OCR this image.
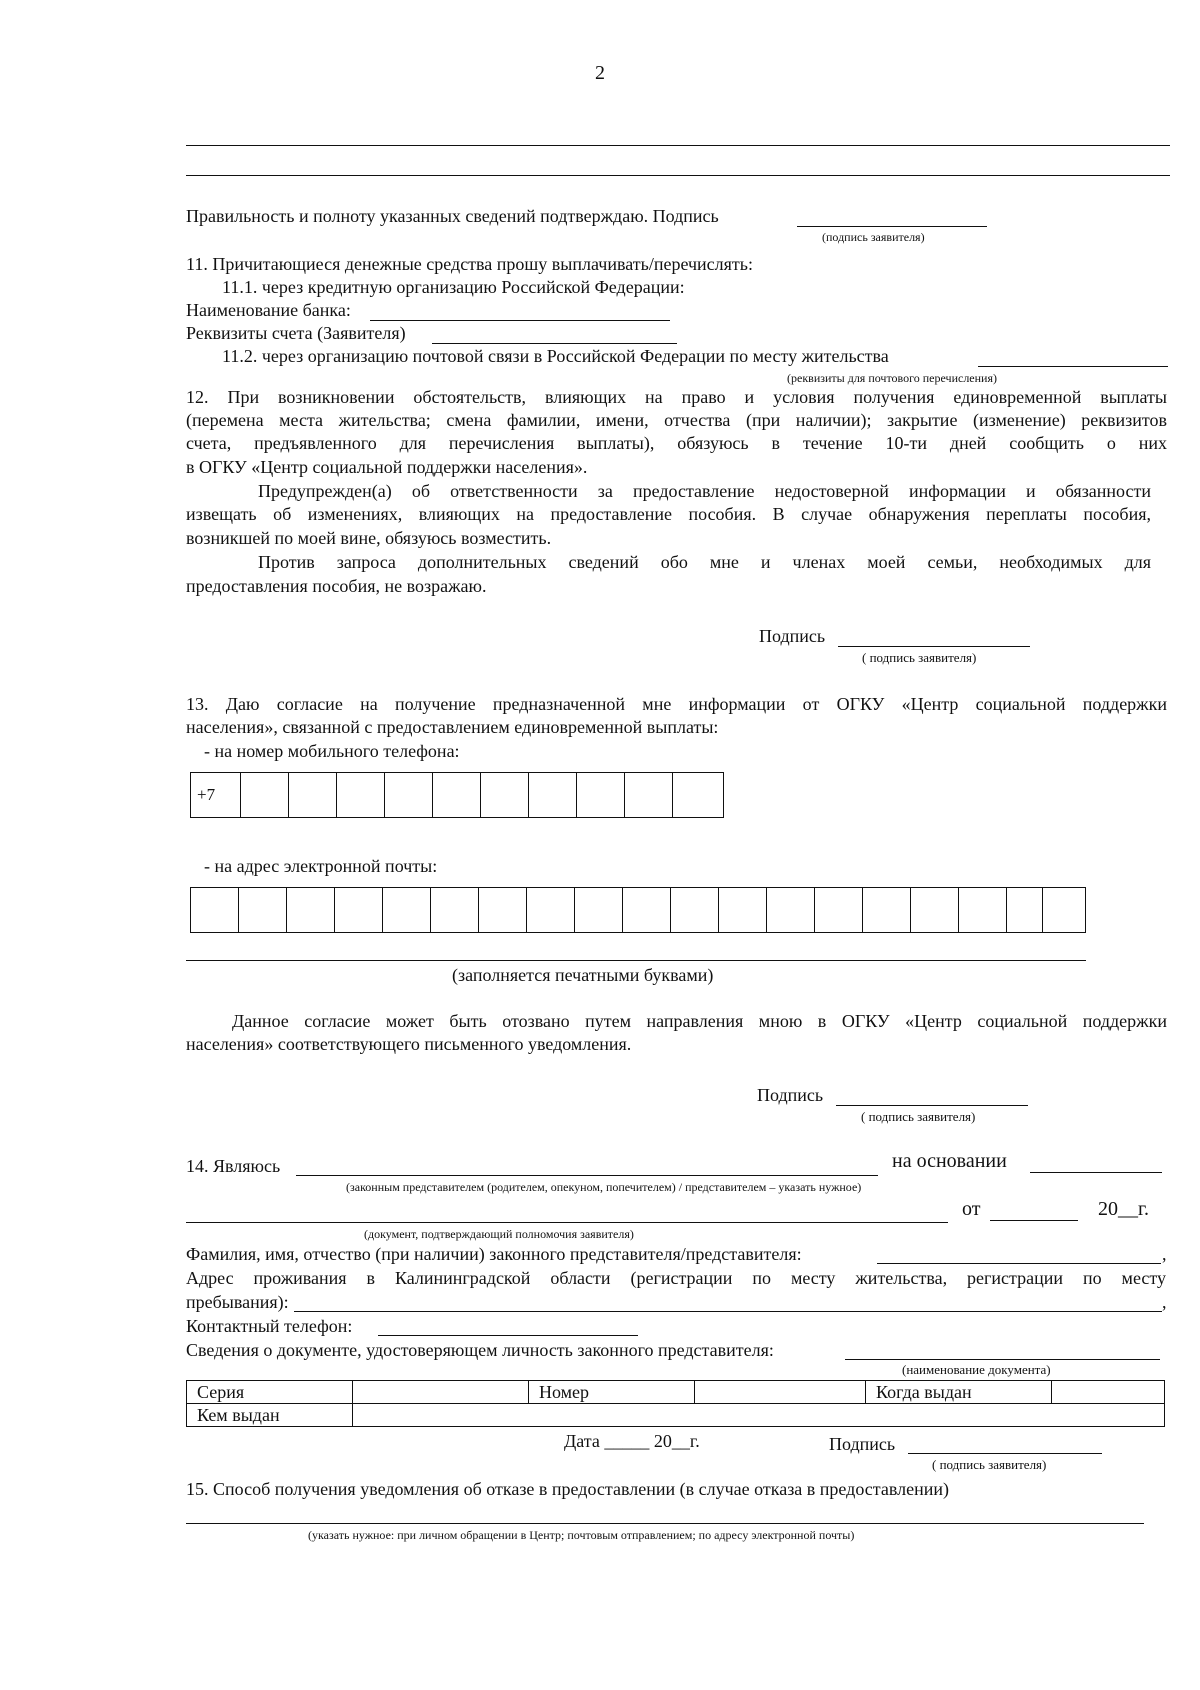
2
Правильность и полноту указанных сведений подтверждаю. Подпись
(подпись заявителя)
11. Причитающиеся денежные средства прошу выплачивать/перечислять:
11.1. через кредитную организацию Российской Федерации:
Наименование банка:
Реквизиты счета (Заявителя)
11.2. через организацию почтовой связи в Российской Федерации по месту жительства
(реквизиты для почтового перечисления)
12. При возникновении обстоятельств, влияющих на право и условия получения единовременной выплаты
(перемена места жительства; смена фамилии, имени, отчества (при наличии); закрытие (изменение) реквизитов
счета, предъявленного для перечисления выплаты), обязуюсь в течение 10-ти дней сообщить о них
в ОГКУ «Центр социальной поддержки населения».
Предупрежден(а) об ответственности за предоставление недостоверной информации и обязанности
извещать об изменениях, влияющих на предоставление пособия. В случае обнаружения переплаты пособия,
возникшей по моей вине, обязуюсь возместить.
Против запроса дополнительных сведений обо мне и членах моей семьи, необходимых для
предоставления пособия, не возражаю.
Подпись
( подпись заявителя)
13. Даю согласие на получение предназначенной мне информации от ОГКУ «Центр социальной поддержки
населения», связанной с предоставлением единовременной выплаты:
- на номер мобильного телефона:
+7
- на адрес электронной почты:
(заполняется печатными буквами)
Данное согласие может быть отозвано путем направления мною в ОГКУ «Центр социальной поддержки
населения» соответствующего письменного уведомления.
Подпись
( подпись заявителя)
14. Являюсь	на основании
(законным представителем (родителем, опекуном, попечителем) / представителем – указать нужное)
от	20__г.
(документ, подтверждающий полномочия заявителя)
Фамилия, имя, отчество (при наличии) законного представителя/представителя:	,
Адрес проживания в Калининградской области (регистрации по месту жительства, регистрации по месту
пребывания):	,
Контактный телефон:
Сведения о документе, удостоверяющем личность законного представителя:
(наименование документа)
Серия		Номер		Когда выдан	
Кем выдан					
Дата _____ 20__г.	Подпись
( подпись заявителя)
15. Способ получения уведомления об отказе в предоставлении (в случае отказа в предоставлении)
(указать нужное: при личном обращении в Центр; почтовым отправлением; по адресу электронной почты)
